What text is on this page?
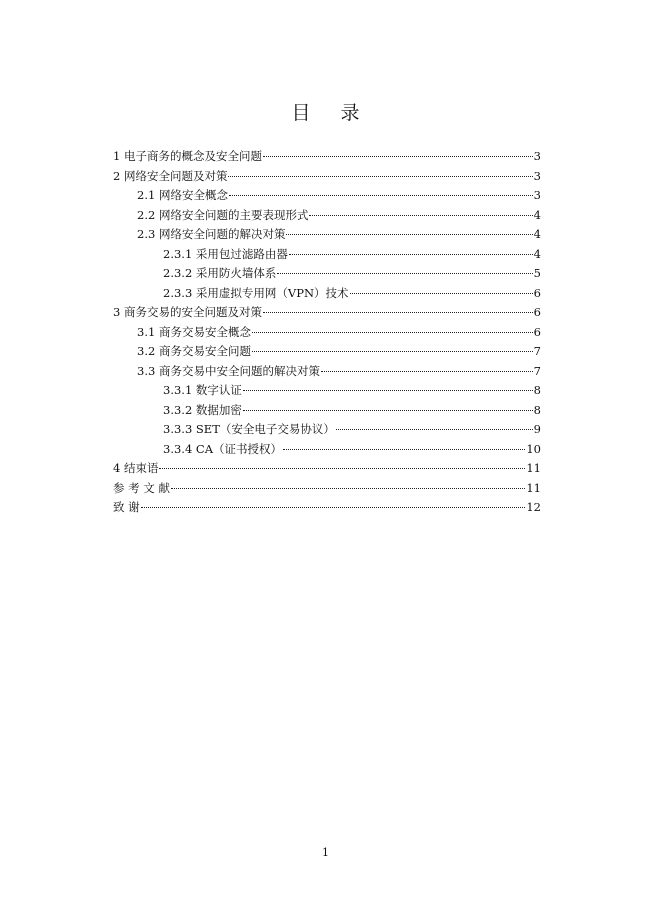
目 录
1 电子商务的概念及安全问题	3
2 网络安全问题及对策	3
2.1 网络安全概念	3
2.2 网络安全问题的主要表现形式	4
2.3 网络安全问题的解决对策	4
2.3.1 采用包过滤路由器	4
2.3.2 采用防火墙体系	5
2.3.3 采用虚拟专用网（VPN）技术	6
3 商务交易的安全问题及对策	6
3.1 商务交易安全概念	6
3.2 商务交易安全问题	7
3.3 商务交易中安全问题的解决对策	7
3.3.1 数字认证	8
3.3.2 数据加密	8
3.3.3 SET（安全电子交易协议）	9
3.3.4 CA（证书授权）	10
4 结束语	11
参 考 文 献	11
致 谢	12
1
